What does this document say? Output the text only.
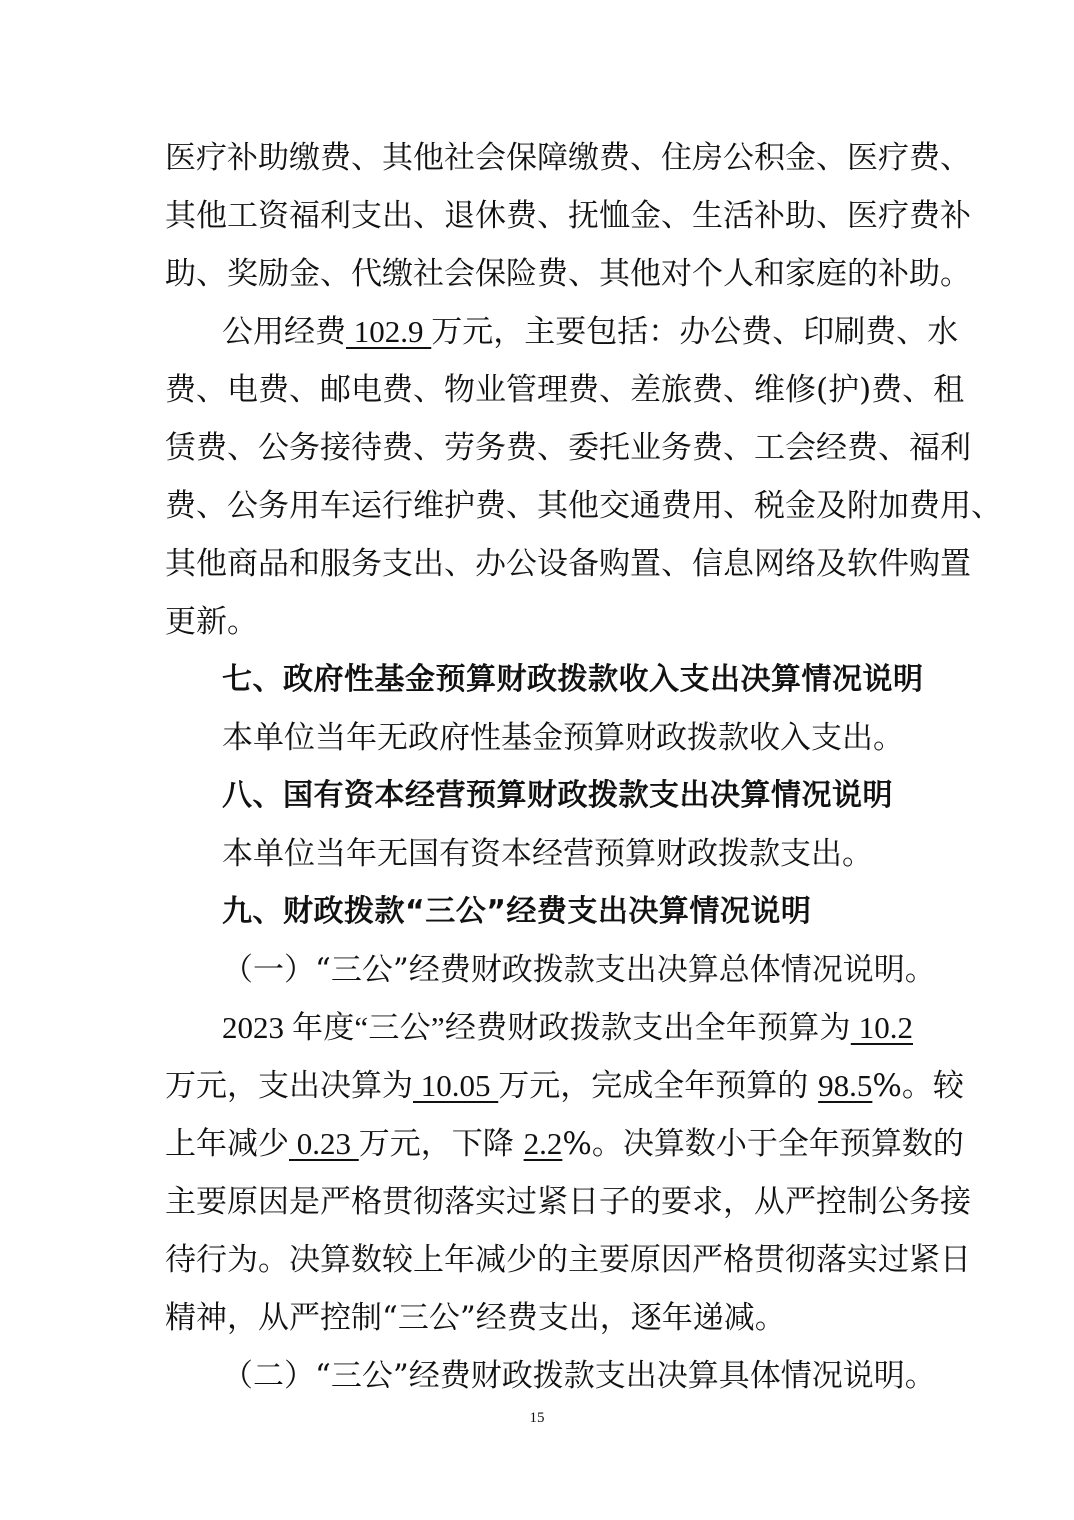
医疗补助缴费、其他社会保障缴费、住房公积金、医疗费、
其他工资福利支出、退休费、抚恤金、生活补助、医疗费补
助、奖励金、代缴社会保险费、其他对个人和家庭的补助。
公用经费 102.9 万元，主要包括：办公费、印刷费、水
费、电费、邮电费、物业管理费、差旅费、维修(护)费、租
赁费、公务接待费、劳务费、委托业务费、工会经费、福利
费、公务用车运行维护费、其他交通费用、税金及附加费用、
其他商品和服务支出、办公设备购置、信息网络及软件购置
更新。
七、政府性基金预算财政拨款收入支出决算情况说明
本单位当年无政府性基金预算财政拨款收入支出。
八、国有资本经营预算财政拨款支出决算情况说明
本单位当年无国有资本经营预算财政拨款支出。
九、财政拨款“三公”经费支出决算情况说明
（一）“三公”经费财政拨款支出决算总体情况说明。
2023 年度“三公”经费财政拨款支出全年预算为 10.2
万元，支出决算为 10.05 万元，完成全年预算的 98.5%。较
上年减少 0.23 万元，下降 2.2%。决算数小于全年预算数的
主要原因是严格贯彻落实过紧日子的要求，从严控制公务接
待行为。决算数较上年减少的主要原因严格贯彻落实过紧日
精神，从严控制“三公”经费支出，逐年递减。
（二）“三公”经费财政拨款支出决算具体情况说明。
15
